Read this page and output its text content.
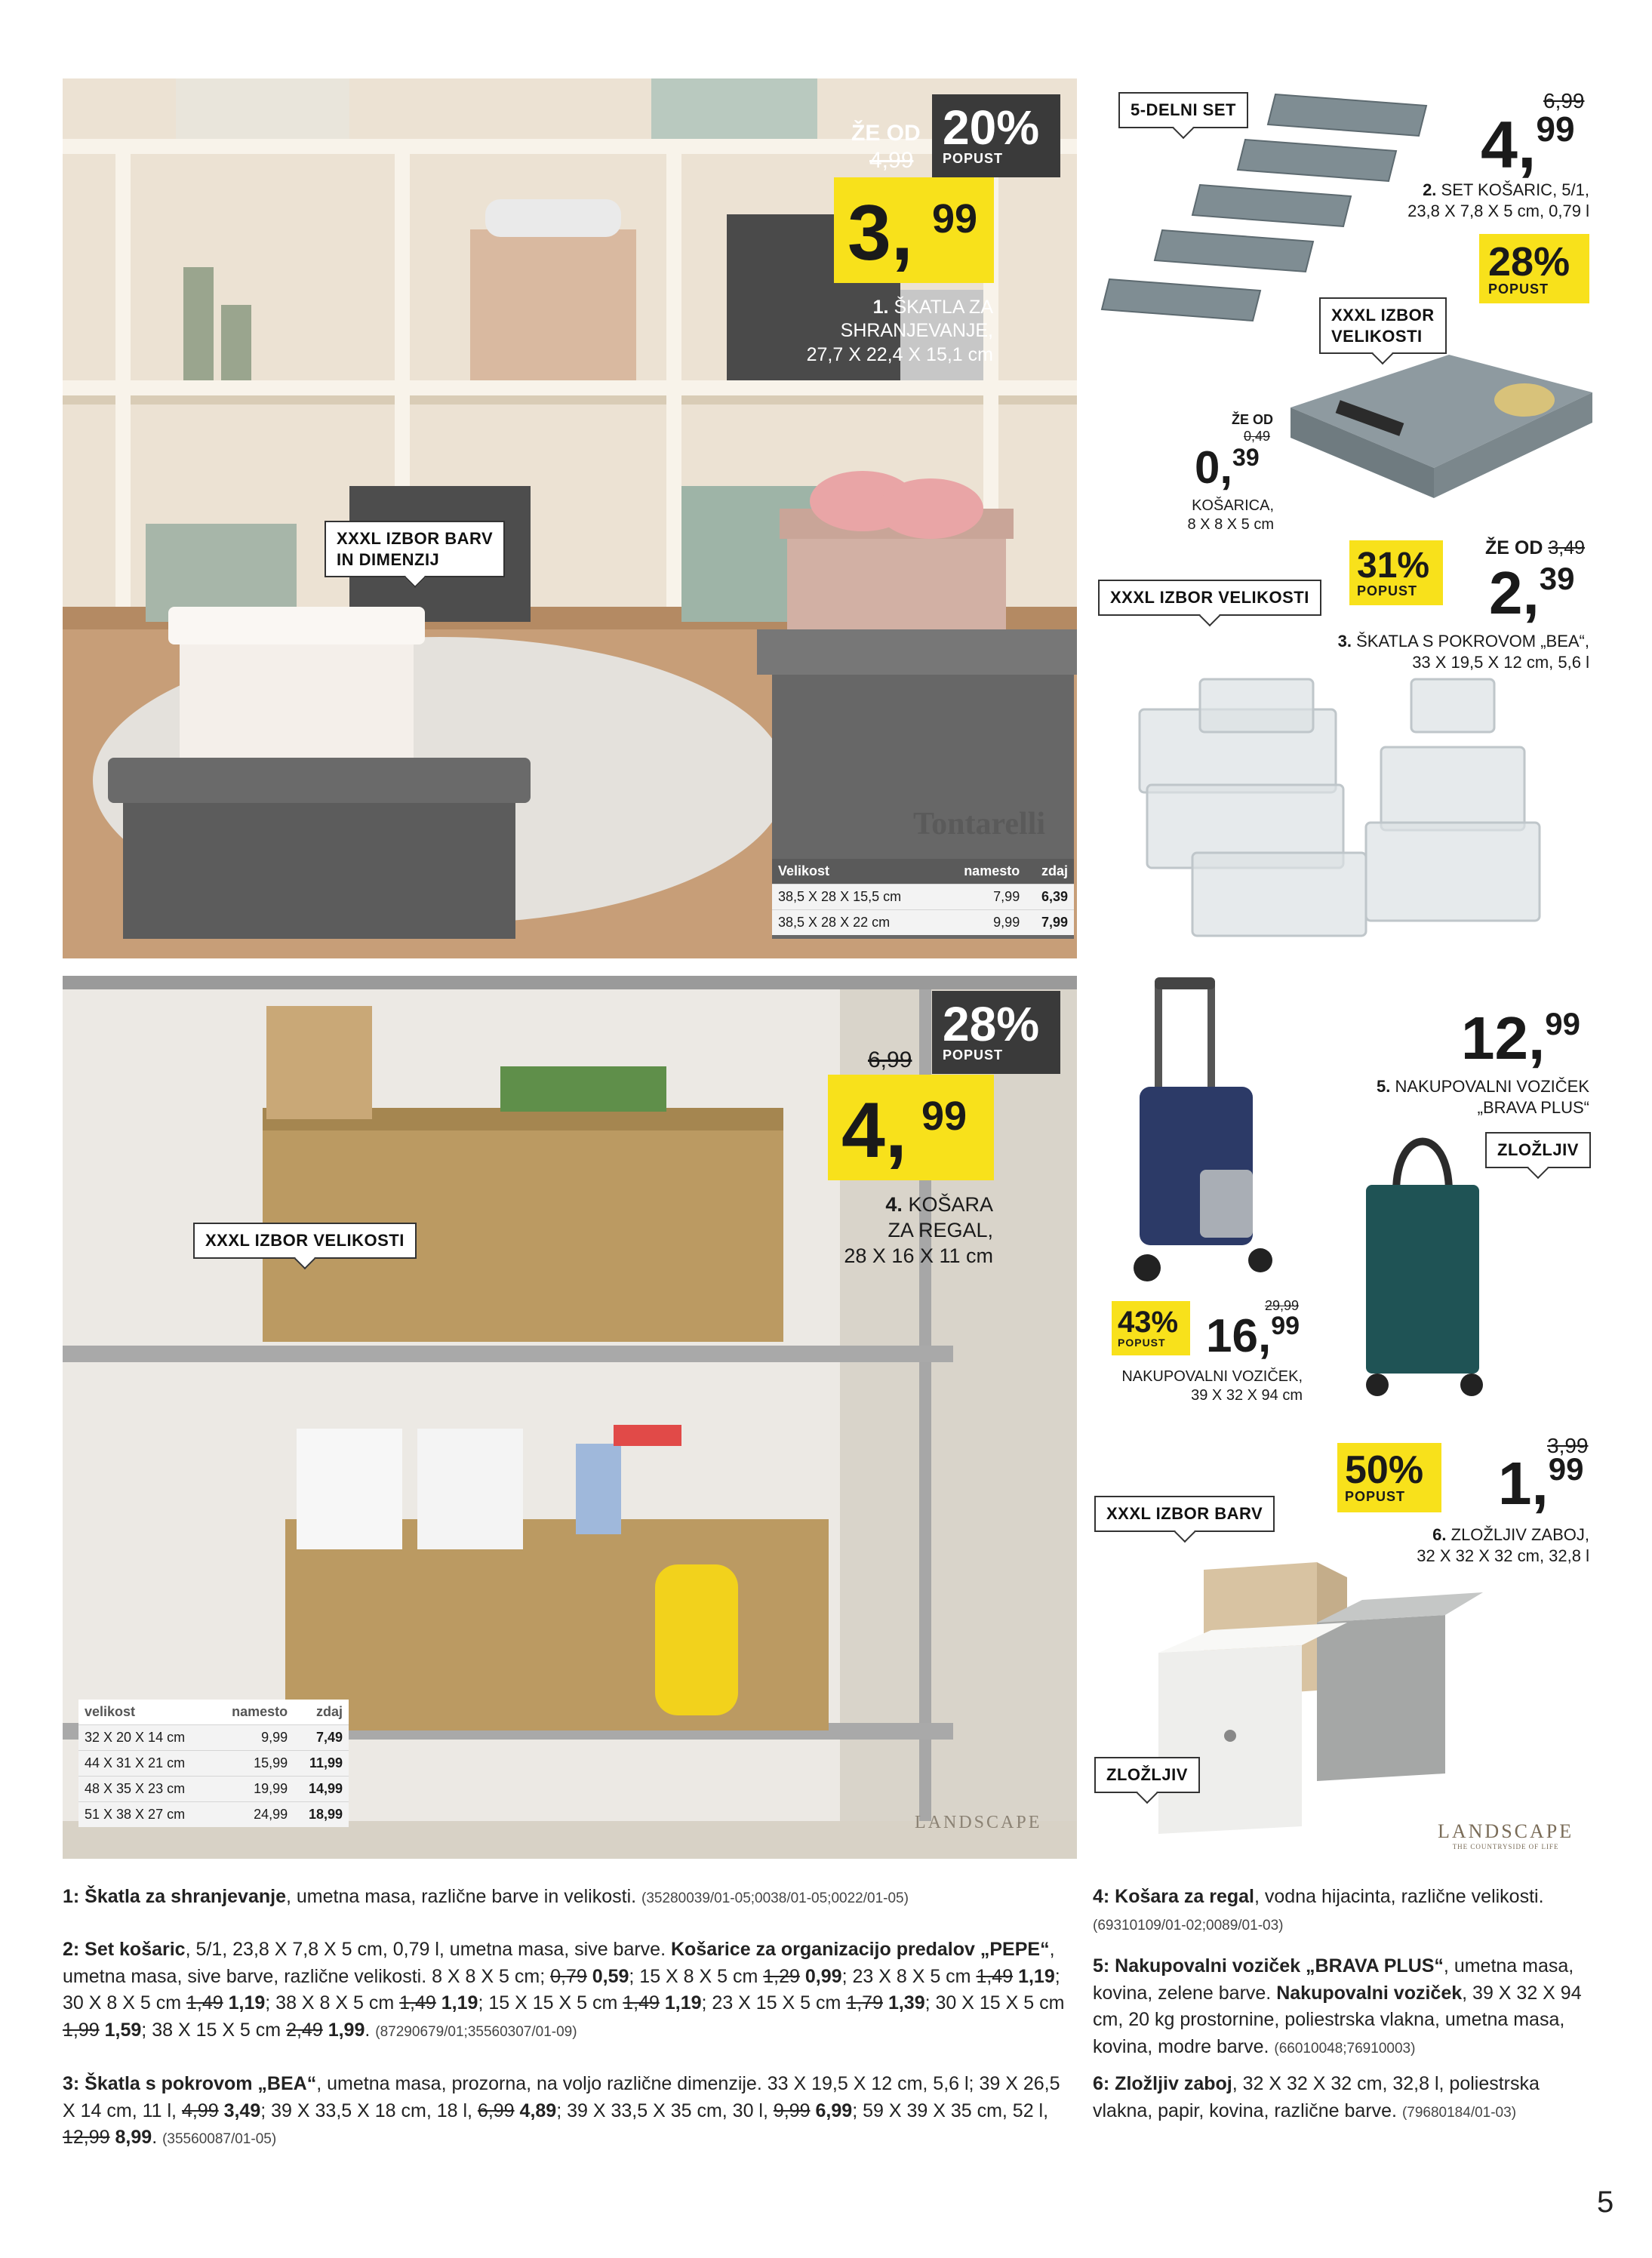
ŽE OD
4,99
20%
POPUST
3, 99
1. ŠKATLA ZA
SHRANJEVANJE,
27,7 X 22,4 X 15,1 cm
XXXL IZBOR BARV
IN DIMENZIJ
Tontarelli
Velikost	namesto	zdaj
38,5 X 28 X 15,5 cm	7,99	6,39
38,5 X 28 X 22 cm	9,99	7,99
5-DELNI SET	6,99
4,99
2. SET KOŠARIC, 5/1,
23,8 X 7,8 X 5 cm, 0,79 l
28%
POPUST
XXXL IZBOR
VELIKOSTI
ŽE OD
0,49
0,39
KOŠARICA,
8 X 8 X 5 cm
XXXL IZBOR VELIKOSTI
31%
POPUST
ŽE OD 3,49
2,39
3. ŠKATLA S POKROVOM „BEA“,
33 X 19,5 X 12 cm, 5,6 l
6,99
28%
POPUST
4, 99
4. KOŠARA
ZA REGAL,
28 X 16 X 11 cm
XXXL IZBOR VELIKOSTI
velikost	namesto	zdaj
32 X 20 X 14 cm	9,99	7,49
44 X 31 X 21 cm	15,99	11,99
48 X 35 X 23 cm	19,99	14,99
51 X 38 X 27 cm	24,99	18,99	LANDSCAPE
12,99
5. NAKUPOVALNI VOZIČEK
„BRAVA PLUS“
ZLOŽLJIV
43%
POPUST
29,99
16,99
NAKUPOVALNI VOZIČEK,
39 X 32 X 94 cm
XXXL IZBOR BARV
50%
POPUST
3,99
1,99
6. ZLOŽLJIV ZABOJ,
32 X 32 X 32 cm, 32,8 l
ZLOŽLJIV
LANDSCAPE
THE COUNTRYSIDE OF LIFE
1: Škatla za shranjevanje, umetna masa, različne barve in velikosti. (35280039/01-05;0038/01-05;0022/01-05)
2: Set košaric, 5/1, 23,8 X 7,8 X 5 cm, 0,79 l, umetna masa, sive barve. Košarice za organizacijo predalov „PEPE“, umetna masa, sive barve, različne velikosti. 8 X 8 X 5 cm; 0,79 0,59; 15 X 8 X 5 cm 1,29 0,99; 23 X 8 X 5 cm 1,49 1,19; 30 X 8 X 5 cm 1,49 1,19; 38 X 8 X 5 cm 1,49 1,19; 15 X 15 X 5 cm 1,49 1,19; 23 X 15 X 5 cm 1,79 1,39; 30 X 15 X 5 cm 1,99 1,59; 38 X 15 X 5 cm 2,49 1,99. (87290679/01;35560307/01-09)
3: Škatla s pokrovom „BEA“, umetna masa, prozorna, na voljo različne dimenzije. 33 X 19,5 X 12 cm, 5,6 l; 39 X 26,5 X 14 cm, 11 l, 4,99 3,49; 39 X 33,5 X 18 cm, 18 l, 6,99 4,89; 39 X 33,5 X 35 cm, 30 l, 9,99 6,99; 59 X 39 X 35 cm, 52 l, 12,99 8,99. (35560087/01-05)
4: Košara za regal, vodna hijacinta, različne velikosti.
(69310109/01-02;0089/01-03)
5: Nakupovalni voziček „BRAVA PLUS“, umetna masa, kovina, zelene barve. Nakupovalni voziček, 39 X 32 X 94 cm, 20 kg prostornine, poliestrska vlakna, umetna masa, kovina, modre barve. (66010048;76910003)
6: Zložljiv zaboj, 32 X 32 X 32 cm, 32,8 l, poliestrska vlakna, papir, kovina, različne barve. (79680184/01-03)
5
